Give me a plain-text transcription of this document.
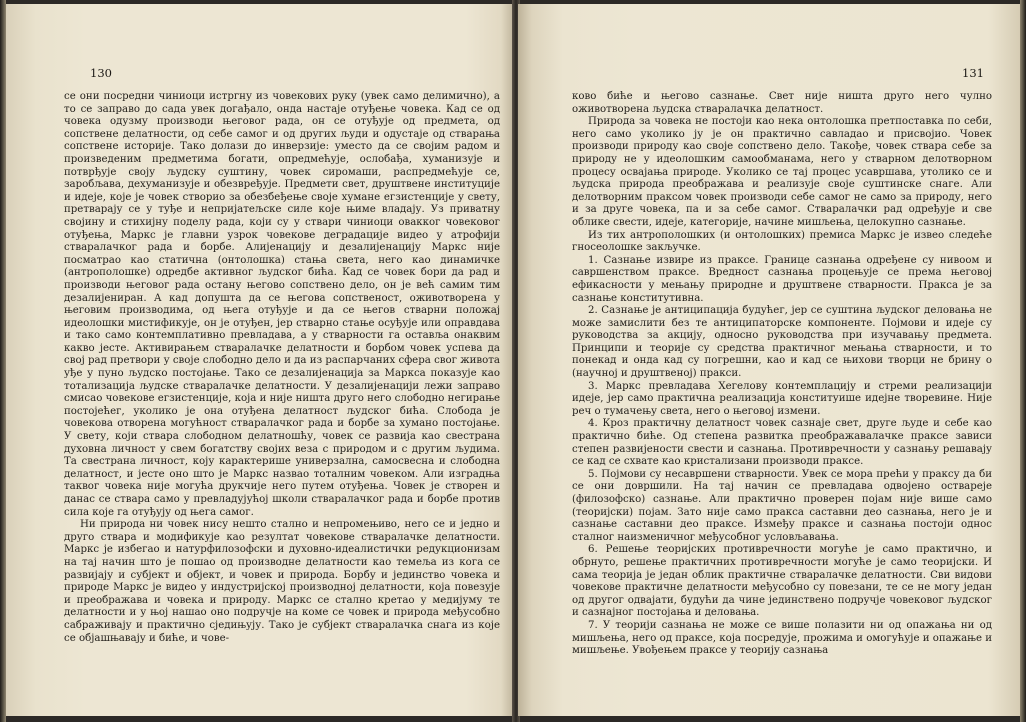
130

се они посредни чиниоци истргну из човекових руку (увек само делимично), а то се заправо до сада увек догађало, онда настаје отуђење човека. Кад се од човека одузму производи његовог рада, он се отуђује од предмета, од сопствене делатности, од себе самог и од других људи и одустаје од стварања сопствене историје. Тако долази до инверзије: уместо да се својим радом и произведеним предметима богати, опредмећује, ослобађа, хуманизује и потврђује своју људску суштину, човек сиромаши, распредмећује се, заробљава, дехуманизује и обезвређује. Предмети свет, друштвене институције и идеје, које је човек створио за обезбеђење своје хумане егзистенције у свету, претварају се у туђе и непријатељске силе које њиме владају. Уз приватну својину и стихијну поделу рада, који су у ствари чиниоци овакког човековог отуђења, Маркс је главни узрок човекове деградације видео у атрофији стваралачког рада и борбе. Алијенацију и дезалијенацију Маркс није посматрао као статична (онтолошка) стања света, него као динамичке (антрополошке) одредбе активног људског бића. Кад се човек бори да рад и производи његовог рада остану његово сопствено дело, он је већ самим тим дезалијениран. А кад допушта да се његова сопственост, оживотворена у његовим производима, од њега отуђује и да се његов стварни положај идеолошки мистификује, он је отуђен, јер стварно стање осуђује или оправдава и тако само контемплативно превладава, а у стварности га оставља онаквим какво јесте. Активирањем стваралачке делатности и борбом човек успева да свој рад претвори у своје слободно дело и да из распарчаних сфера свог живота уђе у пуно људско постојање. Тако се дезалијенација за Маркса показује као тотализација људске стваралачке делатности. У дезалијенацији лежи заправо смисао човекове егзистенције, која и није ништа друго него слободно негирање постојећег, уколико је она отуђена делатност људског бића. Слобода је човекова отворена могућност стваралачког рада и борбе за хумано постојање. У свету, који ствара слободном делатношћу, човек се развија као свестрана духовна личност у свем богатству својих веза с природом и с другим људима. Та свестрана личност, коју карактерише универзална, самосвесна и слободна делатност, и јесте оно што је Маркс назвао тоталним човеком. Али изградња таквог човека није могућа друкчије него путем отуђења. Човек је створен и данас се ствара само у превладујућој школи стваралачког рада и борбе против сила које га отуђују од њега самог.

Ни природа ни човек нису нешто стално и непромењиво, него се и једно и друго ствара и модификује као резултат човекове стваралачке делатности. Маркс је избегао и натурфилозофски и духовно-идеалистички редукционизам на тај начин што је пошао од производне делатности као темеља из кога се развијају и субјект и објект, и човек и природа. Борбу и јединство човека и природе Маркс је видео у индустријској производној делатности, која повезује и преображава и човека и природу. Маркс се стално кретао у медијуму те делатности и у њој нашао оно подручје на коме се човек и природа међусобно сабраживају и практично сједињују. Тако је субјект стваралачка снага из које се објашњавају и биће, и чове-

131

ково биће и његово сазнање. Свет није ништа друго него чулно оживотворена људска стваралачка делатност.

Природа за човека не постоји као нека онтолошка претпоставка по себи, него само уколико ју је он практично савладао и присвојио. Човек производи природу као своје сопствено дело. Такође, човек ствара себе за природу не у идеолошким самообманама, него у стварном делотворном процесу освајања природе. Уколико се тај процес усавршава, утолико се и људска природа преображава и реализује своје суштинске снаге. Али делотворним праксом човек производи себе самог не само за природу, него и за друге човека, па и за себе самог. Стваралачки рад одређује и све облике свести, идеје, категорије, начине мишљења, целокупно сазнање.

Из тих антрополошких (и онтолошких) премиса Маркс је извео следеће гносеолошке закључке.

1. Сазнање извире из праксе. Границе сазнања одређене су нивоом и савршенством праксе. Вредност сазнања процењује се према његовој ефикасности у мењању природне и друштвене стварности. Пракса је за сазнање конститутивна.

2. Сазнање је антиципација будућег, јер се суштина људског деловања не може замислити без те антиципаторске компоненте. Појмови и идеје су руководства за акцију, односно руководства при изучавању предмета. Принципи и теорије су средства практичног мењања стварности, и то понекад и онда кад су погрешни, као и кад се њихови творци не брину о (научној и друштвеној) пракси.

3. Маркс превладава Хегелову контемплацију и стреми реализацији идеје, јер само практична реализација конституише идејне творевине. Није реч о тумачењу света, него о његовој измени.

4. Кроз практичну делатност човек сазнаје свет, друге људе и себе као практично биће. Од степена развитка преображавалачке праксе зависи степен развијености свести и сазнања. Противречности у сазнању решавају се кад се схвате као кристализани производи праксе.

5. Појмови су несавршени стварности. Увек се мора прећи у праксу да би се они довршили. На тај начин се превладава одвојено оствареје (филозофско) сазнање. Али практично проверен појам није више само (теоријски) појам. Зато није само пракса саставни део сазнања, него је и сазнање саставни део праксе. Између праксе и сазнања постоји однос сталног наизменичног међусобног условљавања.

6. Решење теоријских противречности могуће је само практично, и обрнуто, решење практичних противречности могуће је само теоријски. И сама теорија је један облик практичне стваралачке делатности. Сви видови човекове практичне делатности међусобно су повезани, те се не могу један од другог одвајати, будући да чине јединствено подручје човековог људског и сазнајног постојања и деловања.

7. У теорији сазнања не може се више полазити ни од опажања ни од мишљења, него од праксе, која посредује, прожима и омогућује и опажање и мишљење. Увођењем праксе у теорију сазнања
